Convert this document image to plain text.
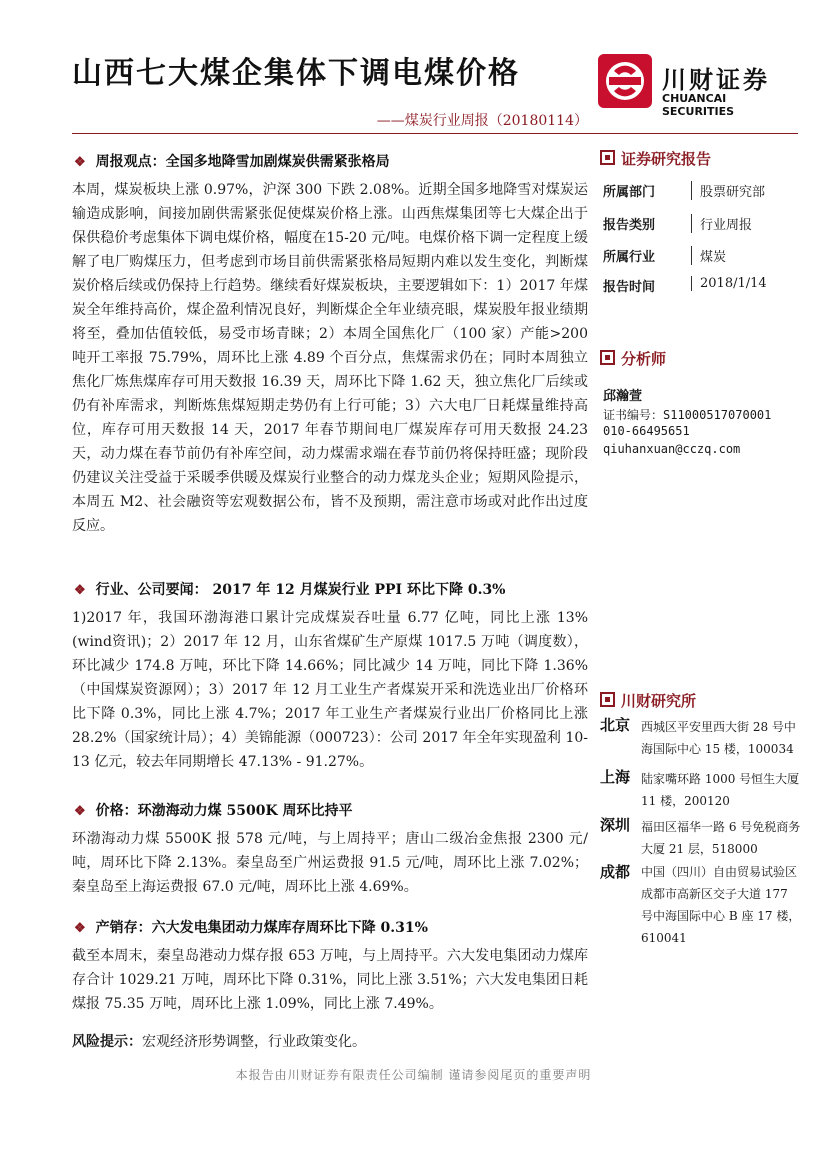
山西七大煤企集体下调电煤价格
——煤炭行业周报（20180114）
川财证券
CHUANCAI SECURITIES
❖ 周报观点：全国多地降雪加剧煤炭供需紧张格局
本周，煤炭板块上涨 0.97%，沪深 300 下跌 2.08%。近期全国多地降雪对煤炭运输造成影响，间接加剧供需紧张促使煤炭价格上涨。山西焦煤集团等七大煤企出于保供稳价考虑集体下调电煤价格，幅度在15-20 元/吨。电煤价格下调一定程度上缓解了电厂购煤压力，但考虑到市场目前供需紧张格局短期内难以发生变化，判断煤炭价格后续或仍保持上行趋势。继续看好煤炭板块，主要逻辑如下：1）2017 年煤炭全年维持高价，煤企盈利情况良好，判断煤企全年业绩亮眼，煤炭股年报业绩期将至，叠加估值较低，易受市场青睐；2）本周全国焦化厂（100 家）产能>200 吨开工率报 75.79%，周环比上涨 4.89 个百分点，焦煤需求仍在；同时本周独立焦化厂炼焦煤库存可用天数报 16.39 天，周环比下降 1.62 天，独立焦化厂后续或仍有补库需求，判断炼焦煤短期走势仍有上行可能；3）六大电厂日耗煤量维持高位，库存可用天数报 14 天，2017 年春节期间电厂煤炭库存可用天数报 24.23 天，动力煤在春节前仍有补库空间，动力煤需求端在春节前仍将保持旺盛；现阶段仍建议关注受益于采暖季供暖及煤炭行业整合的动力煤龙头企业；短期风险提示，本周五 M2、社会融资等宏观数据公布，皆不及预期，需注意市场或对此作出过度反应。
❖ 行业、公司要闻： 2017 年 12 月煤炭行业 PPI 环比下降 0.3%
1)2017 年，我国环渤海港口累计完成煤炭吞吐量 6.77 亿吨，同比上涨 13%(wind资讯)；2）2017 年 12 月，山东省煤矿生产原煤 1017.5 万吨（调度数），环比减少 174.8 万吨，环比下降 14.66%；同比减少 14 万吨，同比下降 1.36%（中国煤炭资源网）；3）2017 年 12 月工业生产者煤炭开采和洗选业出厂价格环比下降 0.3%，同比上涨 4.7%；2017 年工业生产者煤炭行业出厂价格同比上涨 28.2%（国家统计局）；4）美锦能源（000723）：公司 2017 年全年实现盈利 10-13 亿元，较去年同期增长 47.13% - 91.27%。
❖ 价格：环渤海动力煤 5500K 周环比持平
环渤海动力煤 5500K 报 578 元/吨，与上周持平；唐山二级冶金焦报 2300 元/吨，周环比下降 2.13%。秦皇岛至广州运费报 91.5 元/吨，周环比上涨 7.02%；秦皇岛至上海运费报 67.0 元/吨，周环比上涨 4.69%。
❖ 产销存：六大发电集团动力煤库存周环比下降 0.31%
截至本周末，秦皇岛港动力煤存报 653 万吨，与上周持平。六大发电集团动力煤库存合计 1029.21 万吨，周环比下降 0.31%，同比上涨 3.51%；六大发电集团日耗煤报 75.35 万吨，周环比上涨 1.09%，同比上涨 7.49%。
风险提示：宏观经济形势调整，行业政策变化。
证券研究报告
所属部门	股票研究部
报告类别	行业周报
所属行业	煤炭
报告时间	2018/1/14
分析师
邱瀚萱
证书编号：S1100051707000​1
010-66495651
qiuhanxuan@cczq.com
川财研究所
北京 西城区平安里西大街 28 号中海国际中心 15 楼，100034
上海 陆家嘴环路 1000 号恒生大厦 11 楼，200120
深圳 福田区福华一路 6 号免税商务大厦 21 层，518000
成都 中国（四川）自由贸易试验区成都市高新区交子大道 177 号中海国际中心 B 座 17 楼，610041
本报告由川财证券有限责任公司编制 谨请参阅尾页的重要声明
